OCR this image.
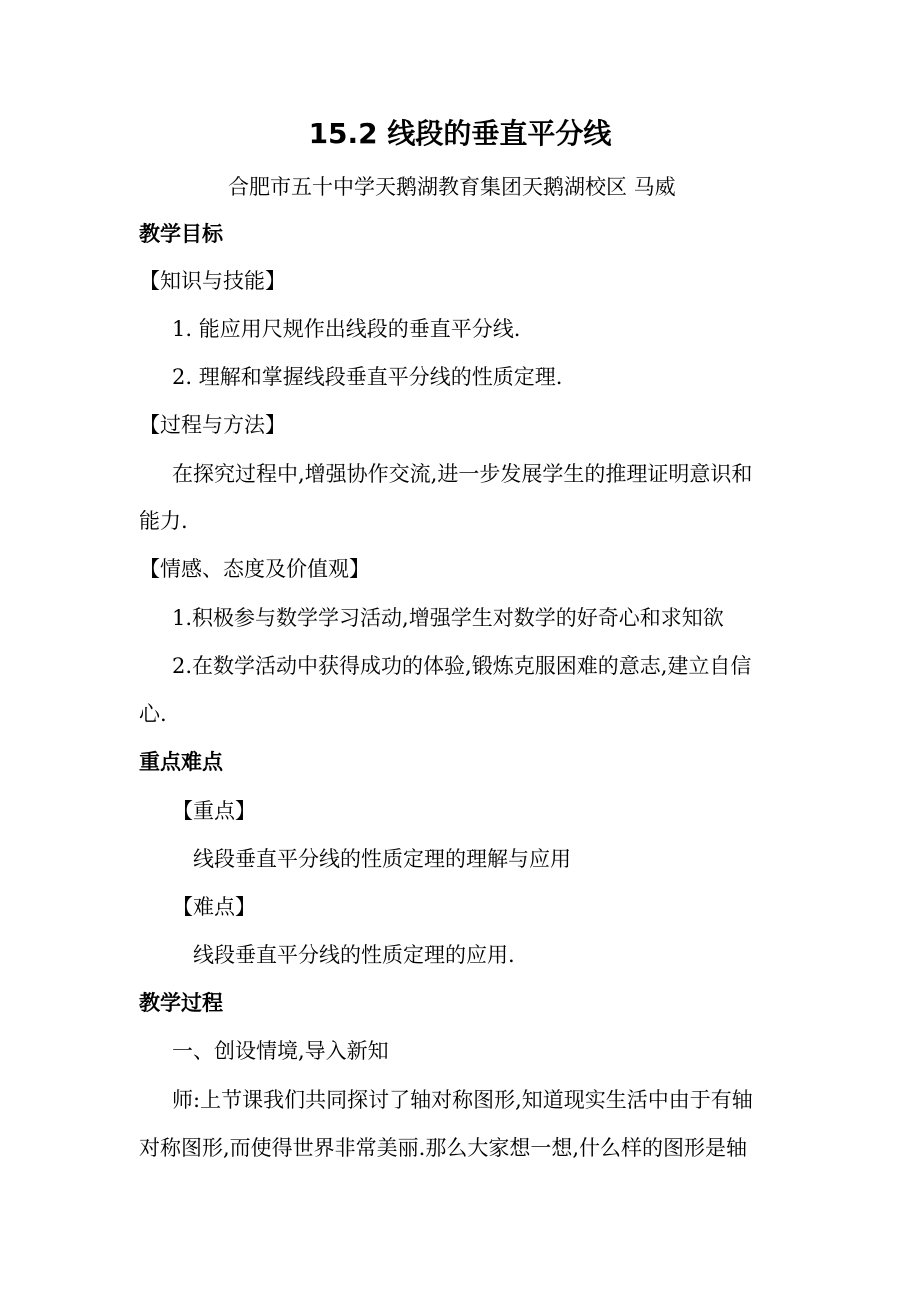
15.2 线段的垂直平分线
合肥市五十中学天鹅湖教育集团天鹅湖校区 马威
教学目标
【知识与技能】
1. 能应用尺规作出线段的垂直平分线.
2. 理解和掌握线段垂直平分线的性质定理.
【过程与方法】
在探究过程中,增强协作交流,进一步发展学生的推理证明意识和
能力.
【情感、态度及价值观】
1.积极参与数学学习活动,增强学生对数学的好奇心和求知欲
2.在数学活动中获得成功的体验,锻炼克服困难的意志,建立自信
心.
重点难点
【重点】
线段垂直平分线的性质定理的理解与应用
【难点】
线段垂直平分线的性质定理的应用.
教学过程
一、创设情境,导入新知
师:上节课我们共同探讨了轴对称图形,知道现实生活中由于有轴
对称图形,而使得世界非常美丽.那么大家想一想,什么样的图形是轴
